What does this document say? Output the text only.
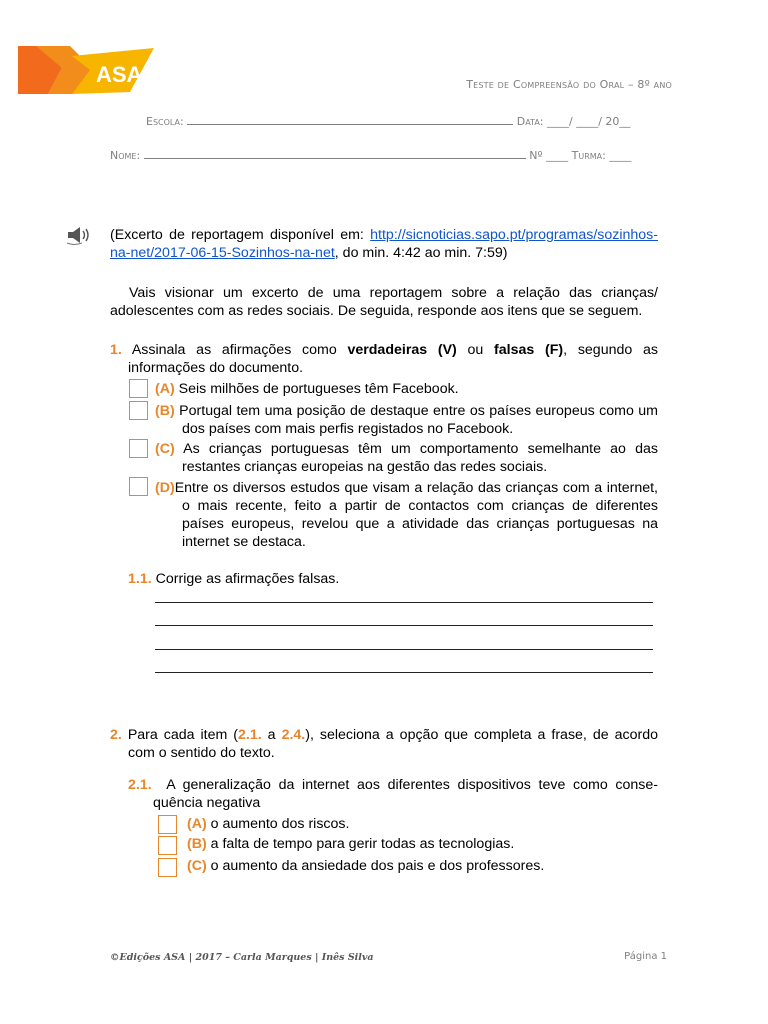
ASA	Teste de Compreensão do Oral – 8º ano
Escola:	Data: ____/ ____/ 20__
Nome:	Nº ____ Turma: ____

(Excerto de reportagem disponível em: http://sicnoticias.sapo.pt/programas/sozinhos-

na-net/2017-06-15-Sozinhos-na-net, do min. 4:42 ao min. 7:59)

Vais visionar um excerto de uma reportagem sobre a relação das crianças/

adolescentes com as redes sociais. De seguida, responde aos itens que se seguem.

1. Assinala as afirmações como verdadeiras (V) ou falsas (F), segundo as

informações do documento.

(A) Seis milhões de portugueses têm Facebook.

(B) Portugal tem uma posição de destaque entre os países europeus como um

dos países com mais perfis registados no Facebook.

(C) As crianças portuguesas têm um comportamento semelhante ao das

restantes crianças europeias na gestão das redes sociais.

(D)Entre os diversos estudos que visam a relação das crianças com a internet,

o mais recente, feito a partir de contactos com crianças de diferentes

países europeus, revelou que a atividade das crianças portuguesas na

internet se destaca.

1.1. Corrige as afirmações falsas.

2. Para cada item (2.1. a 2.4.), seleciona a opção que completa a frase, de acordo

com o sentido do texto.

2.1. A generalização da internet aos diferentes dispositivos teve como conse-

quência negativa

(A) o aumento dos riscos.

(B) a falta de tempo para gerir todas as tecnologias.

(C) o aumento da ansiedade dos pais e dos professores.

©Edições ASA | 2017 – Carla Marques | Inês Silva	Página 1
